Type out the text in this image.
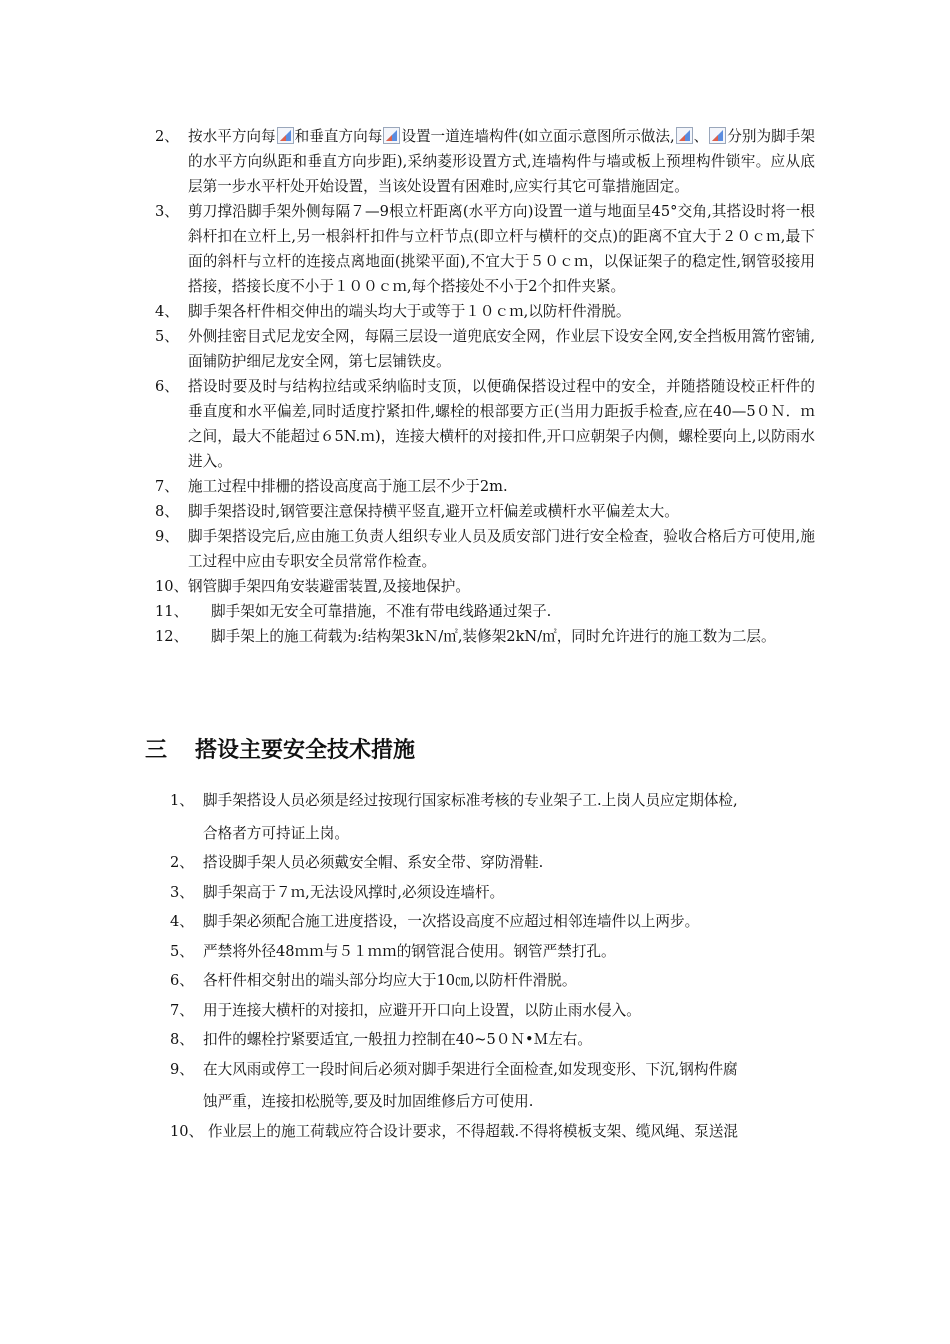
2、 按水平方向每 和垂直方向每 设置一道连墙构件(如立面示意图所示做法, 、 分别为脚手架的水平方向纵距和垂直方向步距),采纳菱形设置方式,连墙构件与墙或板上预埋构件锁牢。应从底层第一步水平杆处开始设置，当该处设置有困难时,应实行其它可靠措施固定。
3、 剪刀撑沿脚手架外侧每隔７—9根立杆距离(水平方向)设置一道与地面呈45°交角,其搭设时将一根斜杆扣在立杆上,另一根斜杆扣件与立杆节点(即立杆与横杆的交点)的距离不宜大于２０ｃｍ,最下面的斜杆与立杆的连接点离地面(挑梁平面),不宜大于５０ｃｍ，以保证架子的稳定性,钢管驳接用搭接，搭接长度不小于１００ｃｍ,每个搭接处不小于2个扣件夹紧。
4、 脚手架各杆件相交伸出的端头均大于或等于１０ｃｍ,以防杆件滑脱。
5、 外侧挂密目式尼龙安全网，每隔三层设一道兜底安全网，作业层下设安全网,安全挡板用篙竹密铺,面铺防护细尼龙安全网，第七层铺铁皮。
6、 搭设时要及时与结构拉结或采纳临时支顶，以便确保搭设过程中的安全，并随搭随设校正杆件的垂直度和水平偏差,同时适度拧紧扣件,螺栓的根部要方正(当用力距扳手检查,应在40—5０Ｎ．ｍ之间，最大不能超过６5N.ｍ)，连接大横杆的对接扣件,开口应朝架子内侧，螺栓要向上,以防雨水进入。
7、 施工过程中排栅的搭设高度高于施工层不少于2m.
8、 脚手架搭设时,钢管要注意保持横平竖直,避开立杆偏差或横杆水平偏差太大。
9、 脚手架搭设完后,应由施工负责人组织专业人员及质安部门进行安全检查，验收合格后方可使用,施工过程中应由专职安全员常常作检查。
10、 钢管脚手架四角安装避雷装置,及接地保护。
11、	脚手架如无安全可靠措施，不准有带电线路通过架子.
12、	脚手架上的施工荷载为:结构架3kＮ/㎡,装修架2kN/㎡，同时允许进行的施工数为二层。
三 搭设主要安全技术措施
1、 脚手架搭设人员必须是经过按现行国家标准考核的专业架子工.上岗人员应定期体检,
合格者方可持证上岗。
2、 搭设脚手架人员必须戴安全帽、系安全带、穿防滑鞋.
3、 脚手架高于７ｍ,无法设风撑时,必须设连墙杆。
4、 脚手架必须配合施工进度搭设，一次搭设高度不应超过相邻连墙件以上两步。
5、 严禁将外径48ｍｍ与５１ｍｍ的钢管混合使用。钢管严禁打孔。
6、 各杆件相交射出的端头部分均应大于10㎝,以防杆件滑脱。
7、 用于连接大横杆的对接扣，应避开开口向上设置，以防止雨水侵入。
8、 扣件的螺栓拧紧要适宜,一般扭力控制在40~5０Ｎ•Ｍ左右。
9、 在大风雨或停工一段时间后必须对脚手架进行全面检查,如发现变形、下沉,钢构件腐
蚀严重，连接扣松脱等,要及时加固维修后方可使用.
10、 作业层上的施工荷载应符合设计要求，不得超载.不得将模板支架、缆风绳、泵送混
